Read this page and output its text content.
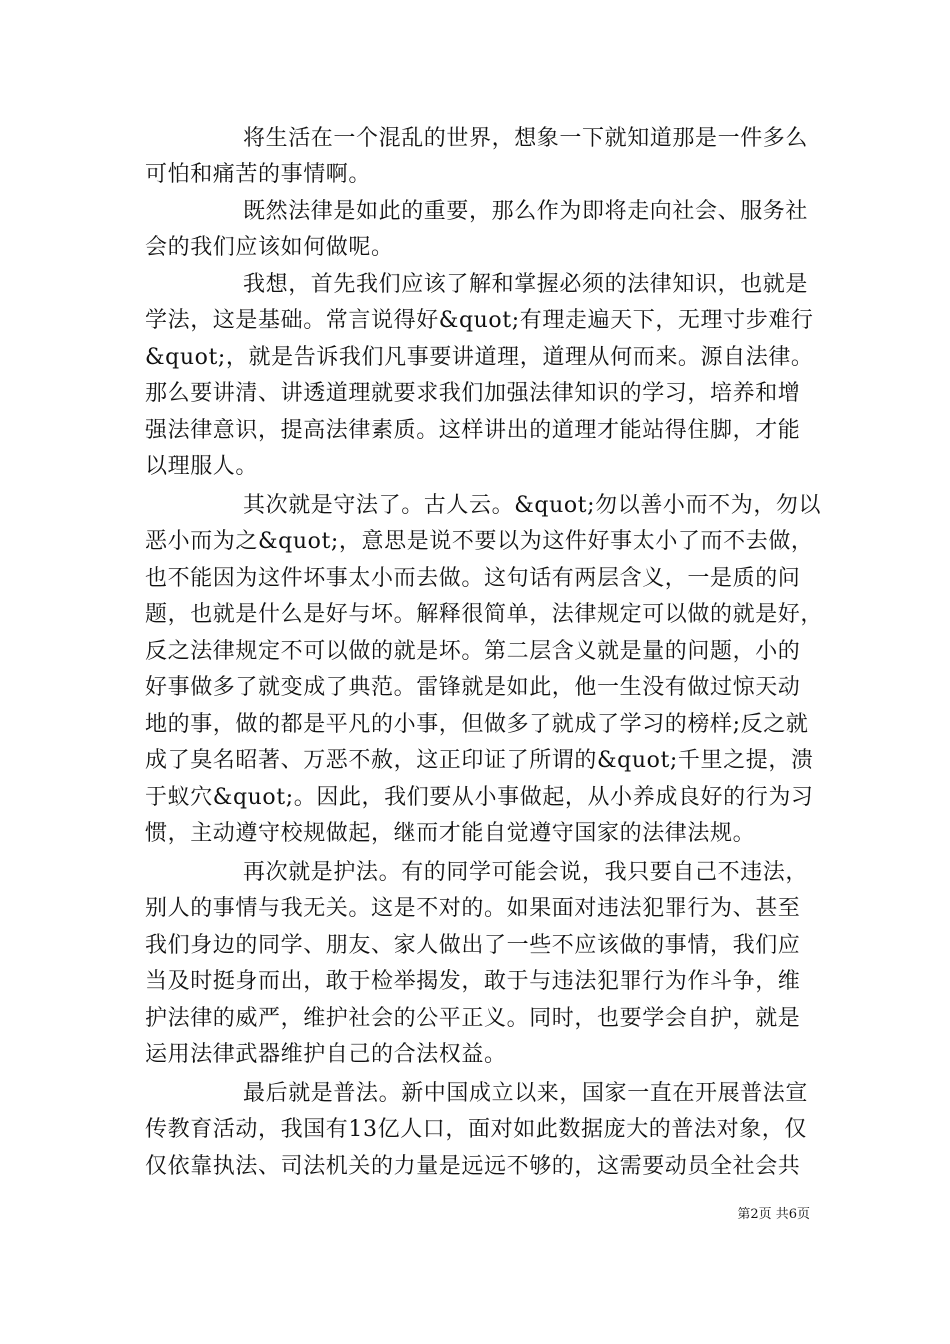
将生活在一个混乱的世界，想象一下就知道那是一件多么
可怕和痛苦的事情啊。
既然法律是如此的重要，那么作为即将走向社会、服务社
会的我们应该如何做呢。
我想，首先我们应该了解和掌握必须的法律知识，也就是
学法，这是基础。常言说得好&quot;有理走遍天下，无理寸步难行
&quot;，就是告诉我们凡事要讲道理，道理从何而来。源自法律。
那么要讲清、讲透道理就要求我们加强法律知识的学习，培养和增
强法律意识，提高法律素质。这样讲出的道理才能站得住脚，才能
以理服人。
其次就是守法了。古人云。&quot;勿以善小而不为，勿以
恶小而为之&quot;，意思是说不要以为这件好事太小了而不去做，
也不能因为这件坏事太小而去做。这句话有两层含义，一是质的问
题，也就是什么是好与坏。解释很简单，法律规定可以做的就是好，
反之法律规定不可以做的就是坏。第二层含义就是量的问题，小的
好事做多了就变成了典范。雷锋就是如此，他一生没有做过惊天动
地的事，做的都是平凡的小事，但做多了就成了学习的榜样;反之就
成了臭名昭著、万恶不赦，这正印证了所谓的&quot;千里之提，溃
于蚁穴&quot;。因此，我们要从小事做起，从小养成良好的行为习
惯，主动遵守校规做起，继而才能自觉遵守国家的法律法规。
再次就是护法。有的同学可能会说，我只要自己不违法，
别人的事情与我无关。这是不对的。如果面对违法犯罪行为、甚至
我们身边的同学、朋友、家人做出了一些不应该做的事情，我们应
当及时挺身而出，敢于检举揭发，敢于与违法犯罪行为作斗争，维
护法律的威严，维护社会的公平正义。同时，也要学会自护，就是
运用法律武器维护自己的合法权益。
最后就是普法。新中国成立以来，国家一直在开展普法宣
传教育活动，我国有13亿人口，面对如此数据庞大的普法对象，仅
仅依靠执法、司法机关的力量是远远不够的，这需要动员全社会共
第2页 共6页
